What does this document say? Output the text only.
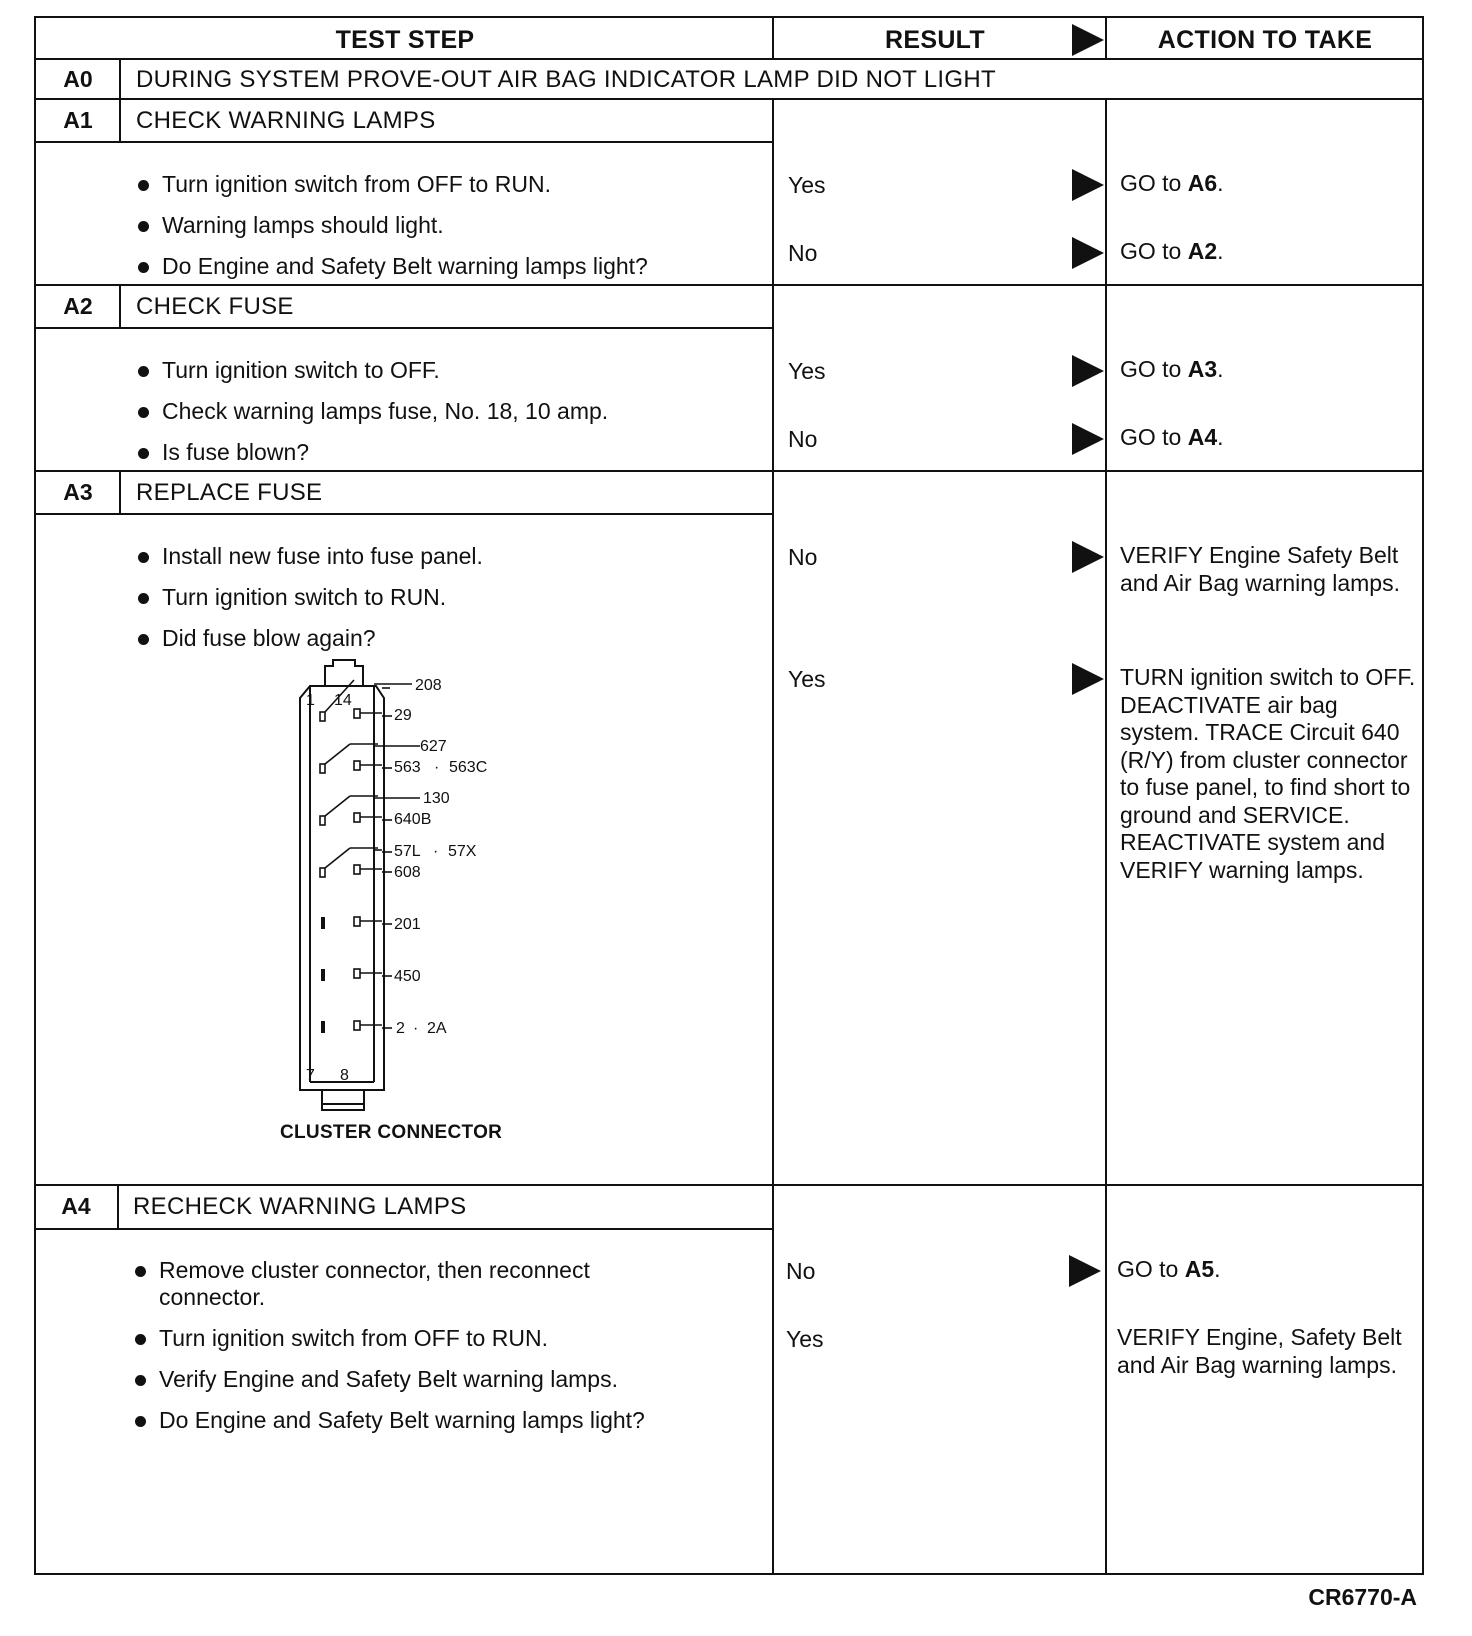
TEST STEP	RESULT	ACTION TO TAKE
A0	DURING SYSTEM PROVE-OUT AIR BAG INDICATOR LAMP DID NOT LIGHT
A1	CHECK WARNING LAMPS
Turn ignition switch from OFF to RUN.
Warning lamps should light.
Do Engine and Safety Belt warning lamps light?
Yes	GO to A6.
No	GO to A2.
A2	CHECK FUSE
Turn ignition switch to OFF.
Check warning lamps fuse, No. 18, 10 amp.
Is fuse blown?
Yes	GO to A3.
No	GO to A4.
A3	REPLACE FUSE
Install new fuse into fuse panel.
Turn ignition switch to RUN.
Did fuse blow again?
No	VERIFY Engine Safety Belt and Air Bag warning lamps.
Yes	TURN ignition switch to OFF. DEACTIVATE air bag system. TRACE Circuit 640 (R/Y) from cluster connector to fuse panel, to find short to ground and SERVICE. REACTIVATE system and VERIFY warning lamps.
1 14
7 8
208
29
627
563 · 563C
130
640B
57L · 57X
608
201
450
2 · 2A
CLUSTER CONNECTOR
A4	RECHECK WARNING LAMPS
Remove cluster connector, then reconnect connector.
Turn ignition switch from OFF to RUN.
Verify Engine and Safety Belt warning lamps.
Do Engine and Safety Belt warning lamps light?
No	GO to A5.
Yes	VERIFY Engine, Safety Belt and Air Bag warning lamps.
CR6770-A
